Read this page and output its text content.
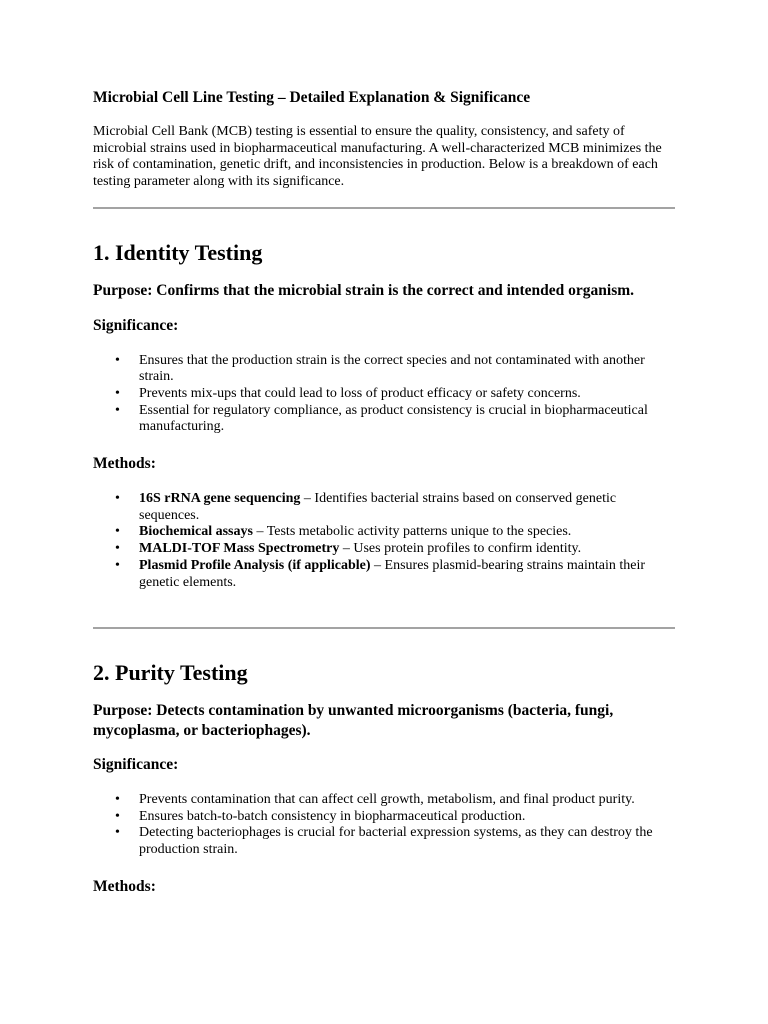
Microbial Cell Line Testing – Detailed Explanation & Significance

Microbial Cell Bank (MCB) testing is essential to ensure the quality, consistency, and safety of microbial strains used in biopharmaceutical manufacturing. A well-characterized MCB minimizes the risk of contamination, genetic drift, and inconsistencies in production. Below is a breakdown of each testing parameter along with its significance.

1. Identity Testing

Purpose: Confirms that the microbial strain is the correct and intended organism.

Significance:
• Ensures that the production strain is the correct species and not contaminated with another strain.
• Prevents mix-ups that could lead to loss of product efficacy or safety concerns.
• Essential for regulatory compliance, as product consistency is crucial in biopharmaceutical manufacturing.
Methods:
• 16S rRNA gene sequencing – Identifies bacterial strains based on conserved genetic sequences.
• Biochemical assays – Tests metabolic activity patterns unique to the species.
• MALDI-TOF Mass Spectrometry – Uses protein profiles to confirm identity.
• Plasmid Profile Analysis (if applicable) – Ensures plasmid-bearing strains maintain their genetic elements.
2. Purity Testing

Purpose: Detects contamination by unwanted microorganisms (bacteria, fungi, mycoplasma, or bacteriophages).

Significance:
• Prevents contamination that can affect cell growth, metabolism, and final product purity.
• Ensures batch-to-batch consistency in biopharmaceutical production.
• Detecting bacteriophages is crucial for bacterial expression systems, as they can destroy the production strain.
Methods:
